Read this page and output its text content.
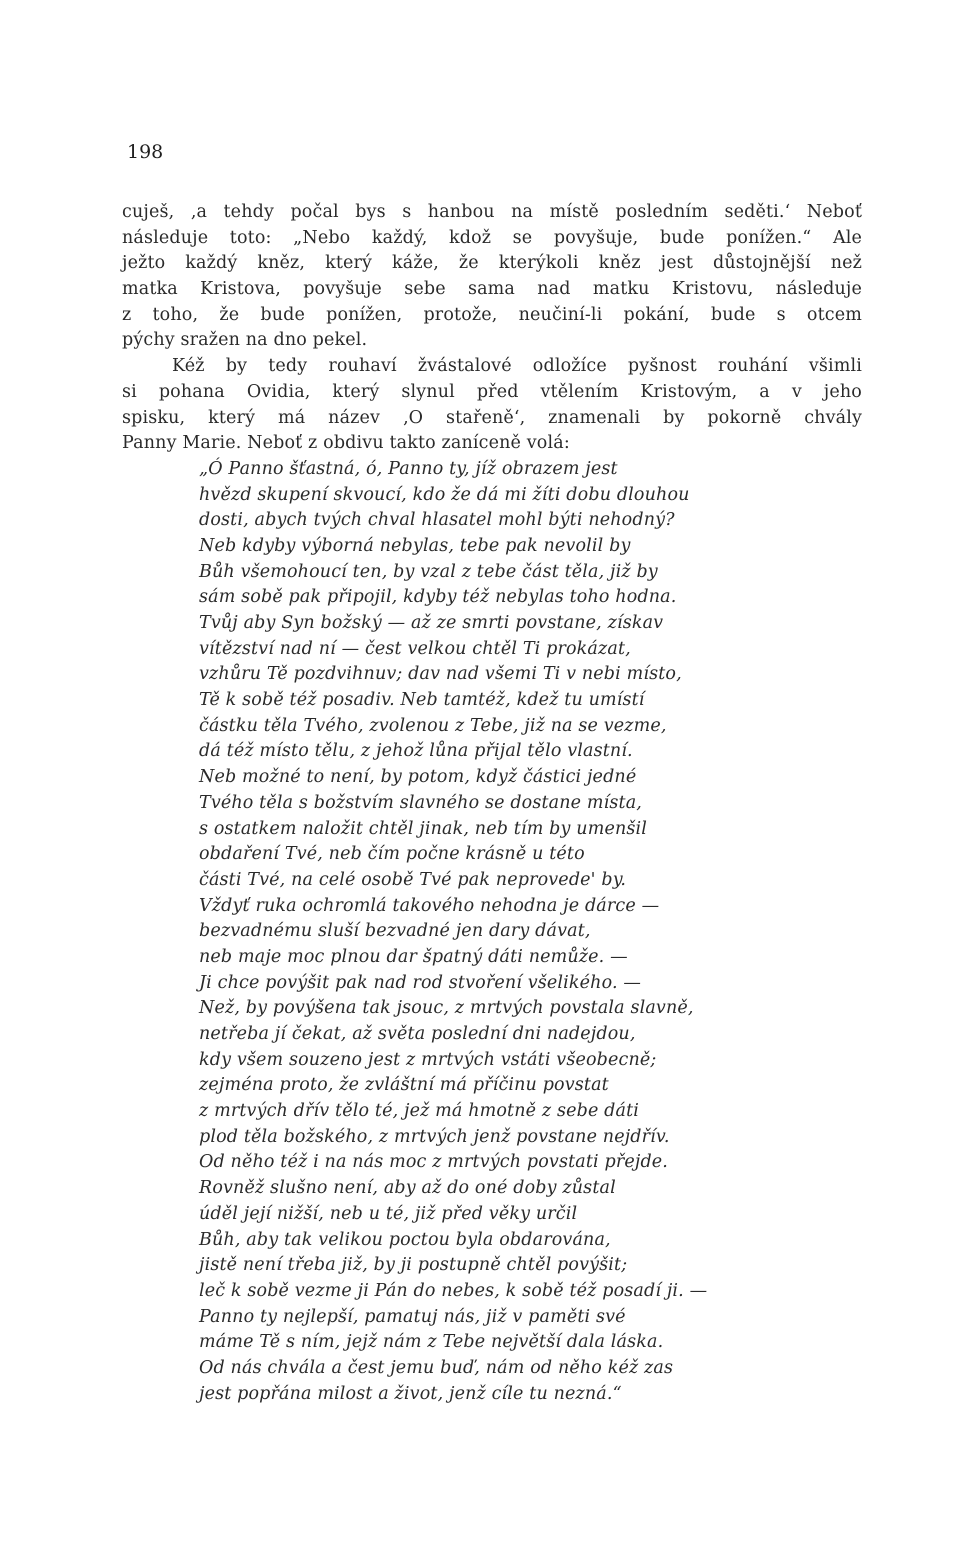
198
cuješ, ‚a tehdy počal bys s hanbou na místě posledním seděti.‘ Neboť
následuje toto: „Nebo každý, kdož se povyšuje, bude ponížen.“ Ale
ježto každý kněz, který káže, že kterýkoli kněz jest důstojnější než
matka Kristova, povyšuje sebe sama nad matku Kristovu, následuje
z toho, že bude ponížen, protože, neučiní-li pokání, bude s otcem
pýchy sražen na dno pekel.
Kéž by tedy rouhaví žvástalové odložíce pyšnost rouhání všimli
si pohana Ovidia, který slynul před vtělením Kristovým, a v jeho
spisku, který má název ‚O stařeně‘, znamenali by pokorně chvály
Panny Marie. Neboť z obdivu takto zaníceně volá:
„Ó Panno šťastná, ó, Panno ty, jíž obrazem jest
hvězd skupení skvoucí, kdo že dá mi žíti dobu dlouhou
dosti, abych tvých chval hlasatel mohl býti nehodný?
Neb kdyby výborná nebylas, tebe pak nevolil by
Bůh všemohoucí ten, by vzal z tebe část těla, již by
sám sobě pak připojil, kdyby též nebylas toho hodna.
Tvůj aby Syn božský — až ze smrti povstane, získav
vítězství nad ní — čest velkou chtěl Ti prokázat,
vzhůru Tě pozdvihnuv; dav nad všemi Ti v nebi místo,
Tě k sobě též posadiv. Neb tamtéž, kdež tu umístí
částku těla Tvého, zvolenou z Tebe, již na se vezme,
dá též místo tělu, z jehož lůna přijal tělo vlastní.
Neb možné to není, by potom, když částici jedné
Tvého těla s božstvím slavného se dostane místa,
s ostatkem naložit chtěl jinak, neb tím by umenšil
obdaření Tvé, neb čím počne krásně u této
části Tvé, na celé osobě Tvé pak neprovede' by.
Vždyť ruka ochromlá takového nehodna je dárce —
bezvadnému sluší bezvadné jen dary dávat,
neb maje moc plnou dar špatný dáti nemůže. —
Ji chce povýšit pak nad rod stvoření všelikého. —
Než, by povýšena tak jsouc, z mrtvých povstala slavně,
netřeba jí čekat, až světa poslední dni nadejdou,
kdy všem souzeno jest z mrtvých vstáti všeobecně;
zejména proto, že zvláštní má příčinu povstat
z mrtvých dřív tělo té, jež má hmotně z sebe dáti
plod těla božského, z mrtvých jenž povstane nejdřív.
Od něho též i na nás moc z mrtvých povstati přejde.
Rovněž slušno není, aby až do oné doby zůstal
úděl její nižší, neb u té, již před věky určil
Bůh, aby tak velikou poctou byla obdarována,
jistě není třeba již, by ji postupně chtěl povýšit;
leč k sobě vezme ji Pán do nebes, k sobě též posadí ji. —
Panno ty nejlepší, pamatuj nás, již v paměti své
máme Tě s ním, jejž nám z Tebe největší dala láska.
Od nás chvála a čest jemu buď, nám od něho kéž zas
jest popřána milost a život, jenž cíle tu nezná.“
